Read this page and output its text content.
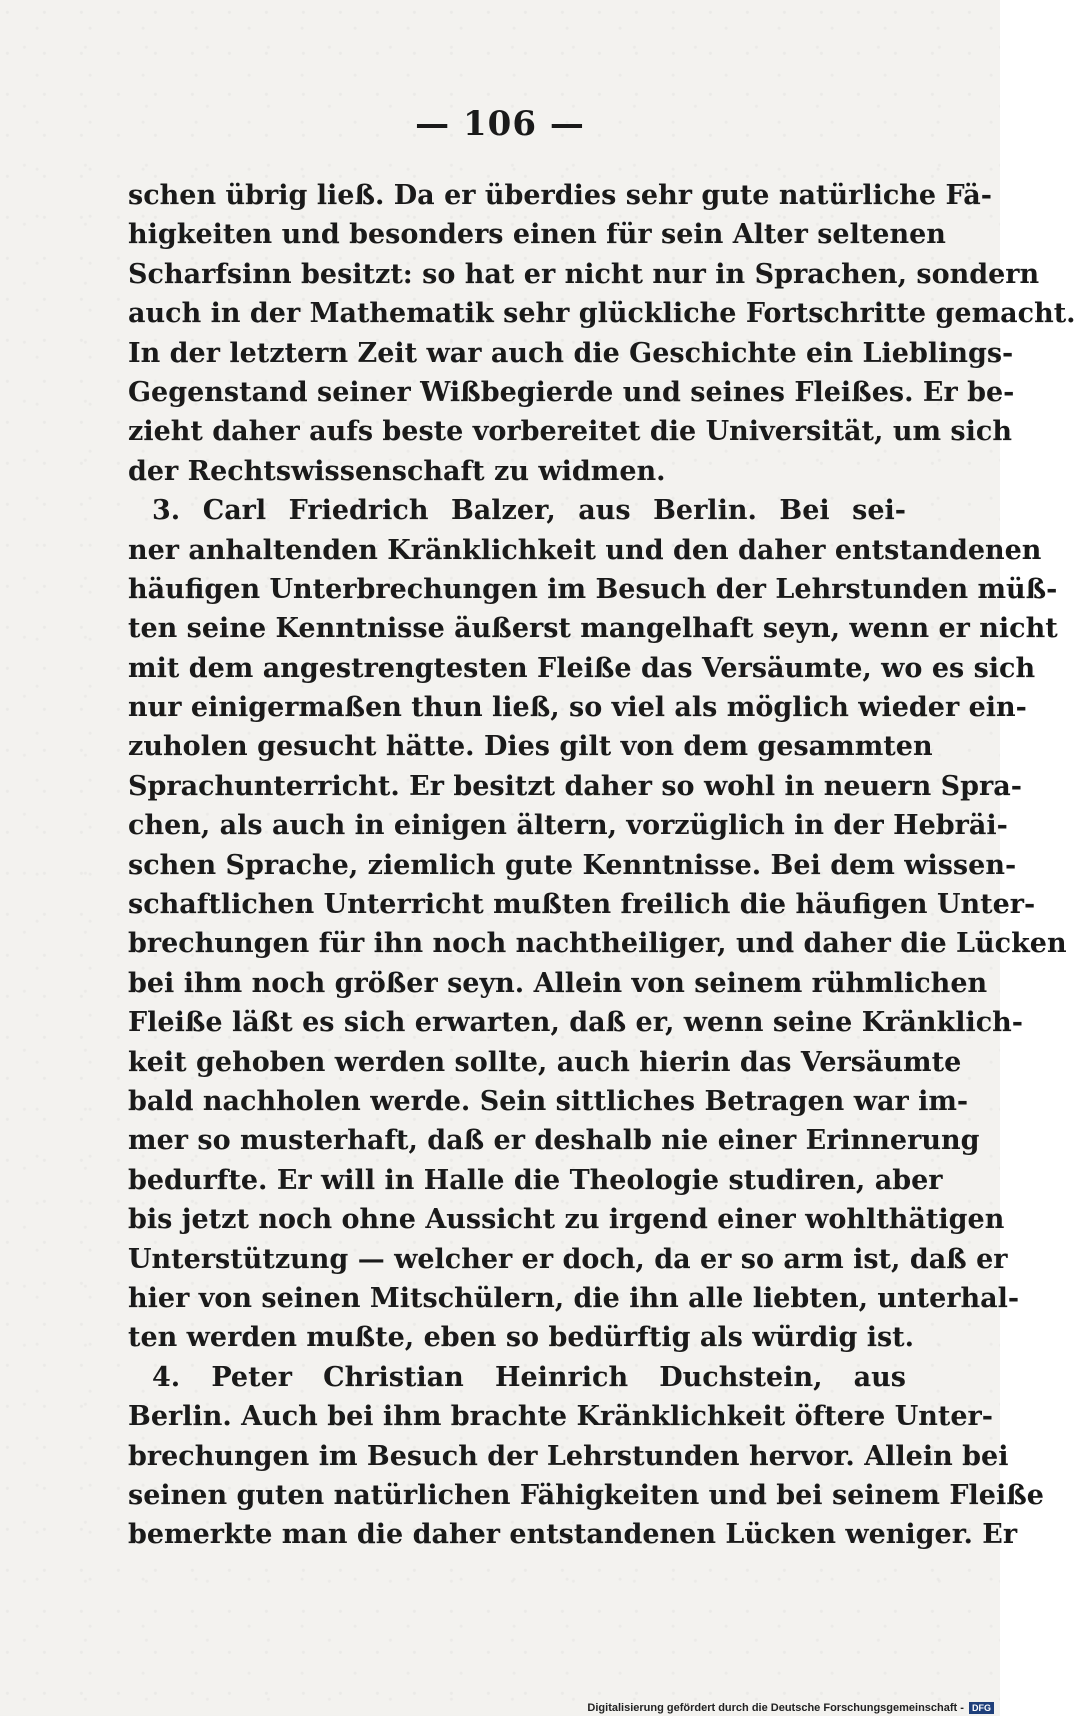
— 106 —
schen übrig ließ. Da er überdies sehr gute natürliche Fä-
higkeiten und besonders einen für sein Alter seltenen
Scharfsinn besitzt: so hat er nicht nur in Sprachen, sondern
auch in der Mathematik sehr glückliche Fortschritte gemacht.
In der letztern Zeit war auch die Geschichte ein Lieblings-
Gegenstand seiner Wißbegierde und seines Fleißes. Er be-
zieht daher aufs beste vorbereitet die Universität, um sich
der Rechtswissenschaft zu widmen.
3. Carl Friedrich Balzer, aus Berlin. Bei sei-
ner anhaltenden Kränklichkeit und den daher entstandenen
häufigen Unterbrechungen im Besuch der Lehrstunden müß-
ten seine Kenntnisse äußerst mangelhaft seyn, wenn er nicht
mit dem angestrengtesten Fleiße das Versäumte, wo es sich
nur einigermaßen thun ließ, so viel als möglich wieder ein-
zuholen gesucht hätte. Dies gilt von dem gesammten
Sprachunterricht. Er besitzt daher so wohl in neuern Spra-
chen, als auch in einigen ältern, vorzüglich in der Hebräi-
schen Sprache, ziemlich gute Kenntnisse. Bei dem wissen-
schaftlichen Unterricht mußten freilich die häufigen Unter-
brechungen für ihn noch nachtheiliger, und daher die Lücken
bei ihm noch größer seyn. Allein von seinem rühmlichen
Fleiße läßt es sich erwarten, daß er, wenn seine Kränklich-
keit gehoben werden sollte, auch hierin das Versäumte
bald nachholen werde. Sein sittliches Betragen war im-
mer so musterhaft, daß er deshalb nie einer Erinnerung
bedurfte. Er will in Halle die Theologie studiren, aber
bis jetzt noch ohne Aussicht zu irgend einer wohlthätigen
Unterstützung — welcher er doch, da er so arm ist, daß er
hier von seinen Mitschülern, die ihn alle liebten, unterhal-
ten werden mußte, eben so bedürftig als würdig ist.
4. Peter Christian Heinrich Duchstein, aus
Berlin. Auch bei ihm brachte Kränklichkeit öftere Unter-
brechungen im Besuch der Lehrstunden hervor. Allein bei
seinen guten natürlichen Fähigkeiten und bei seinem Fleiße
bemerkte man die daher entstandenen Lücken weniger. Er
Digitalisierung gefördert durch die Deutsche Forschungsgemeinschaft - DFG
